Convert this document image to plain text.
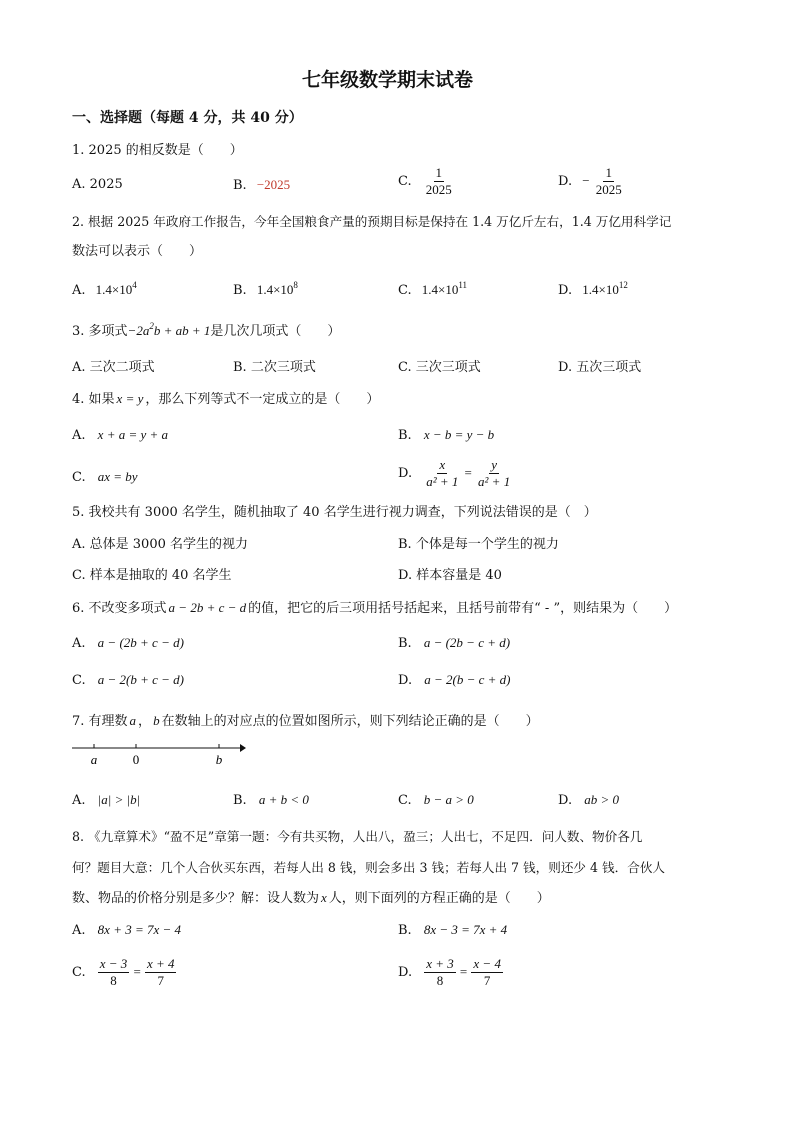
七年级数学期末试卷
一、选择题（每题 4 分，共 40 分）
1. 2025 的相反数是（　　）
A. 2025	B. −2025	C. $\frac{1}{2025}$	D. − $\frac{1}{2025}$
2. 根据 2025 年政府工作报告，今年全国粮食产量的预期目标是保持在 1.4 万亿斤左右，1.4 万亿用科学记
数法可以表示（　　）
A. $1.4\times 10^4$	B. $1.4\times 10^8$	C. $1.4\times 10^{11}$	D. $1.4\times 10^{12}$
3. 多项式$-2a^2b$ + ab + 1是几次几项式（　　）
A. 三次二项式	B. 二次三项式	C. 三次三项式	D. 五次三项式
4. 如果 x = y ，那么下列等式不一定成立的是（　　）
A. x + a = y + a	B. x − b = y − b
C. ax = by	D. $\frac{x}{\text{a² + 1}} = \frac{y}{\text{a² + 1}}$
5. 我校共有 3000 名学生，随机抽取了 40 名学生进行视力调查，下列说法错误的是（　）
A. 总体是 3000 名学生的视力	B. 个体是每一个学生的视力
C. 样本是抽取的 40 名学生	D. 样本容量是 40
6. 不改变多项式 a − 2b + c − d 的值，把它的后三项用括号括起来，且括号前带有“ - ”，则结果为（　　）
A. a − (2b + c − d)	B. a − (2b − c + d)
C. a − 2(b + c − d)	D. a − 2(b − c + d)
7. 有理数 a ， b 在数轴上的对应点的位置如图所示，则下列结论正确的是（　　）
a	0	b
A. |a| > |b|	B. a + b < 0	C. b − a > 0	D. ab > 0
8. 《九章算术》“盈不足”章第一题：今有共买物，人出八，盈三；人出七，不足四．问人数、物价各几
何？题目大意：几个人合伙买东西，若每人出 8 钱，则会多出 3 钱；若每人出 7 钱，则还少 4 钱．合伙人
数、物品的价格分别是多少？解：设人数为 x 人，则下面列的方程正确的是（　　）
A. 8x + 3 = 7x − 4	B. 8x − 3 = 7x + 4
C. $\frac{x - 3}{8} = \frac{x + 4}{7}$	D. $\frac{x + 3}{8} = \frac{x - 4}{7}$
